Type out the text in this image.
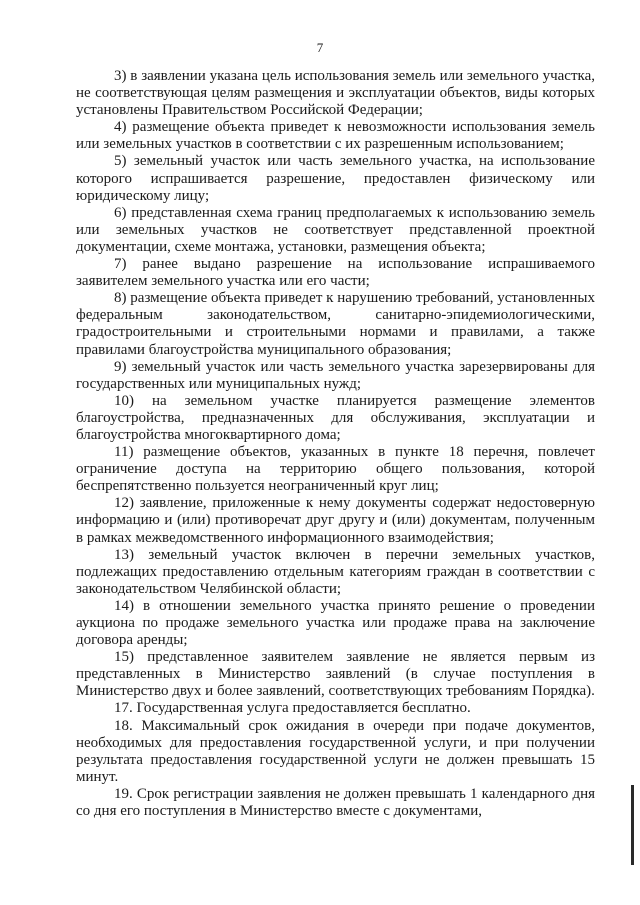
7

3) в заявлении указана цель использования земель или земельного участка, не соответствующая целям размещения и эксплуатации объектов, виды которых установлены Правительством Российской Федерации;

4) размещение объекта приведет к невозможности использования земель или земельных участков в соответствии с их разрешенным использованием;

5) земельный участок или часть земельного участка, на использование которого испрашивается разрешение, предоставлен физическому или юридическому лицу;

6) представленная схема границ предполагаемых к использованию земель или земельных участков не соответствует представленной проектной документации, схеме монтажа, установки, размещения объекта;

7) ранее выдано разрешение на использование испрашиваемого заявителем земельного участка или его части;

8) размещение объекта приведет к нарушению требований, установленных федеральным законодательством, санитарно-эпидемиологическими, градостроительными и строительными нормами и правилами, а также правилами благоустройства муниципального образования;

9) земельный участок или часть земельного участка зарезервированы для государственных или муниципальных нужд;

10) на земельном участке планируется размещение элементов благоустройства, предназначенных для обслуживания, эксплуатации и благоустройства многоквартирного дома;

11) размещение объектов, указанных в пункте 18 перечня, повлечет ограничение доступа на территорию общего пользования, которой беспрепятственно пользуется неограниченный круг лиц;

12) заявление, приложенные к нему документы содержат недостоверную информацию и (или) противоречат друг другу и (или) документам, полученным в рамках межведомственного информационного взаимодействия;

13) земельный участок включен в перечни земельных участков, подлежащих предоставлению отдельным категориям граждан в соответствии с законодательством Челябинской области;

14) в отношении земельного участка принято решение о проведении аукциона по продаже земельного участка или продаже права на заключение договора аренды;

15) представленное заявителем заявление не является первым из представленных в Министерство заявлений (в случае поступления в Министерство двух и более заявлений, соответствующих требованиям Порядка).

17. Государственная услуга предоставляется бесплатно.

18. Максимальный срок ожидания в очереди при подаче документов, необходимых для предоставления государственной услуги, и при получении результата предоставления государственной услуги не должен превышать 15 минут.

19. Срок регистрации заявления не должен превышать 1 календарного дня со дня его поступления в Министерство вместе с документами,
